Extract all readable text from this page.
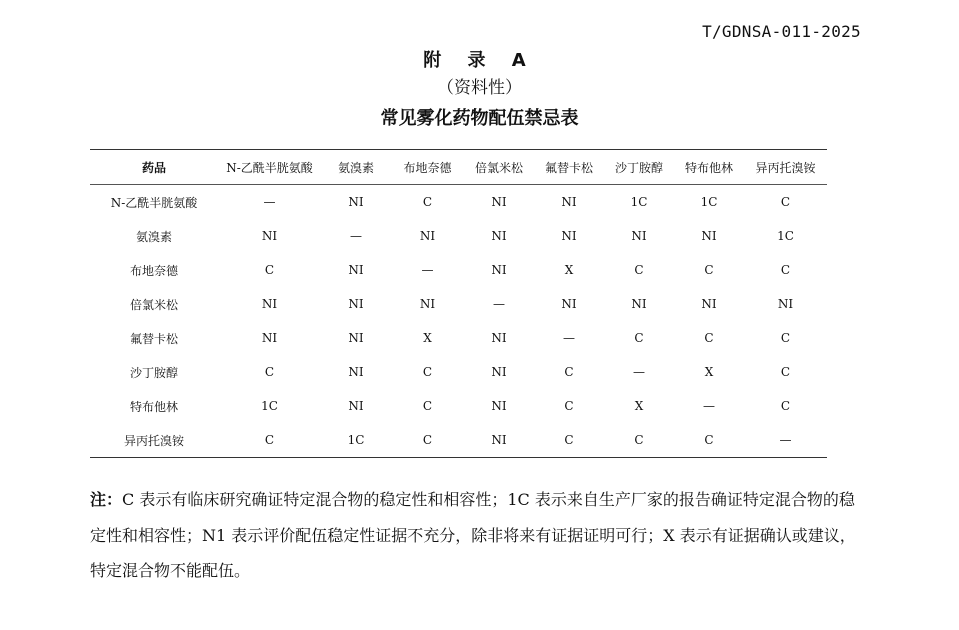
T/GDNSA-011-2025
附 录 A
（资料性）
常见雾化药物配伍禁忌表
药品	N-乙酰半胱氨酸	氨溴素	布地奈德	倍氯米松	氟替卡松	沙丁胺醇	特布他林	异丙托溴铵
N-乙酰半胱氨酸	—	NI	C	NI	NI	1C	1C	C
氨溴素	NI	—	NI	NI	NI	NI	NI	1C
布地奈德	C	NI	—	NI	X	C	C	C
倍氯米松	NI	NI	NI	—	NI	NI	NI	NI
氟替卡松	NI	NI	X	NI	—	C	C	C
沙丁胺醇	C	NI	C	NI	C	—	X	C
特布他林	1C	NI	C	NI	C	X	—	C
异丙托溴铵	C	1C	C	NI	C	C	C	—
注：C 表示有临床研究确证特定混合物的稳定性和相容性；1C 表示来自生产厂家的报告确证特定混合物的稳定性和相容性；N1 表示评价配伍稳定性证据不充分，除非将来有证据证明可行；X 表示有证据确认或建议，特定混合物不能配伍。
